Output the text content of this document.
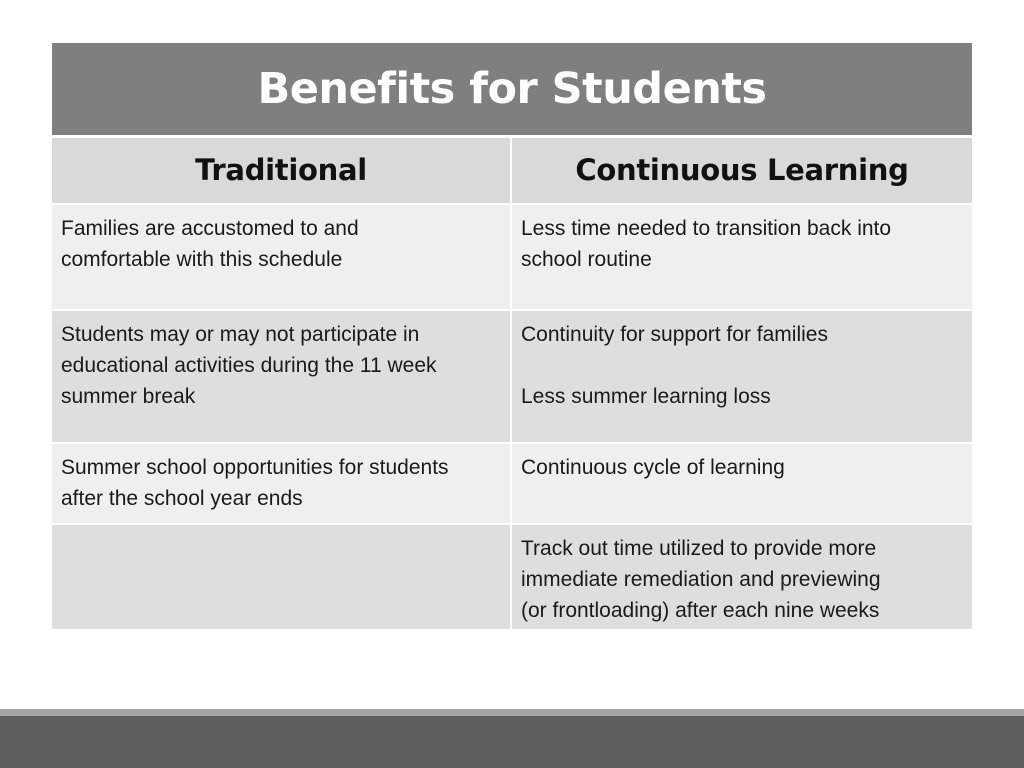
Benefits for Students
Traditional	Continuous Learning
Families are accustomed to and
comfortable with this schedule
Less time needed to transition back into
school routine
Students may or may not participate in
educational activities during the 11 week
summer break
Continuity for support for families

Less summer learning loss
Summer school opportunities for students
after the school year ends
Continuous cycle of learning
Track out time utilized to provide more
immediate remediation and previewing
(or frontloading) after each nine weeks
